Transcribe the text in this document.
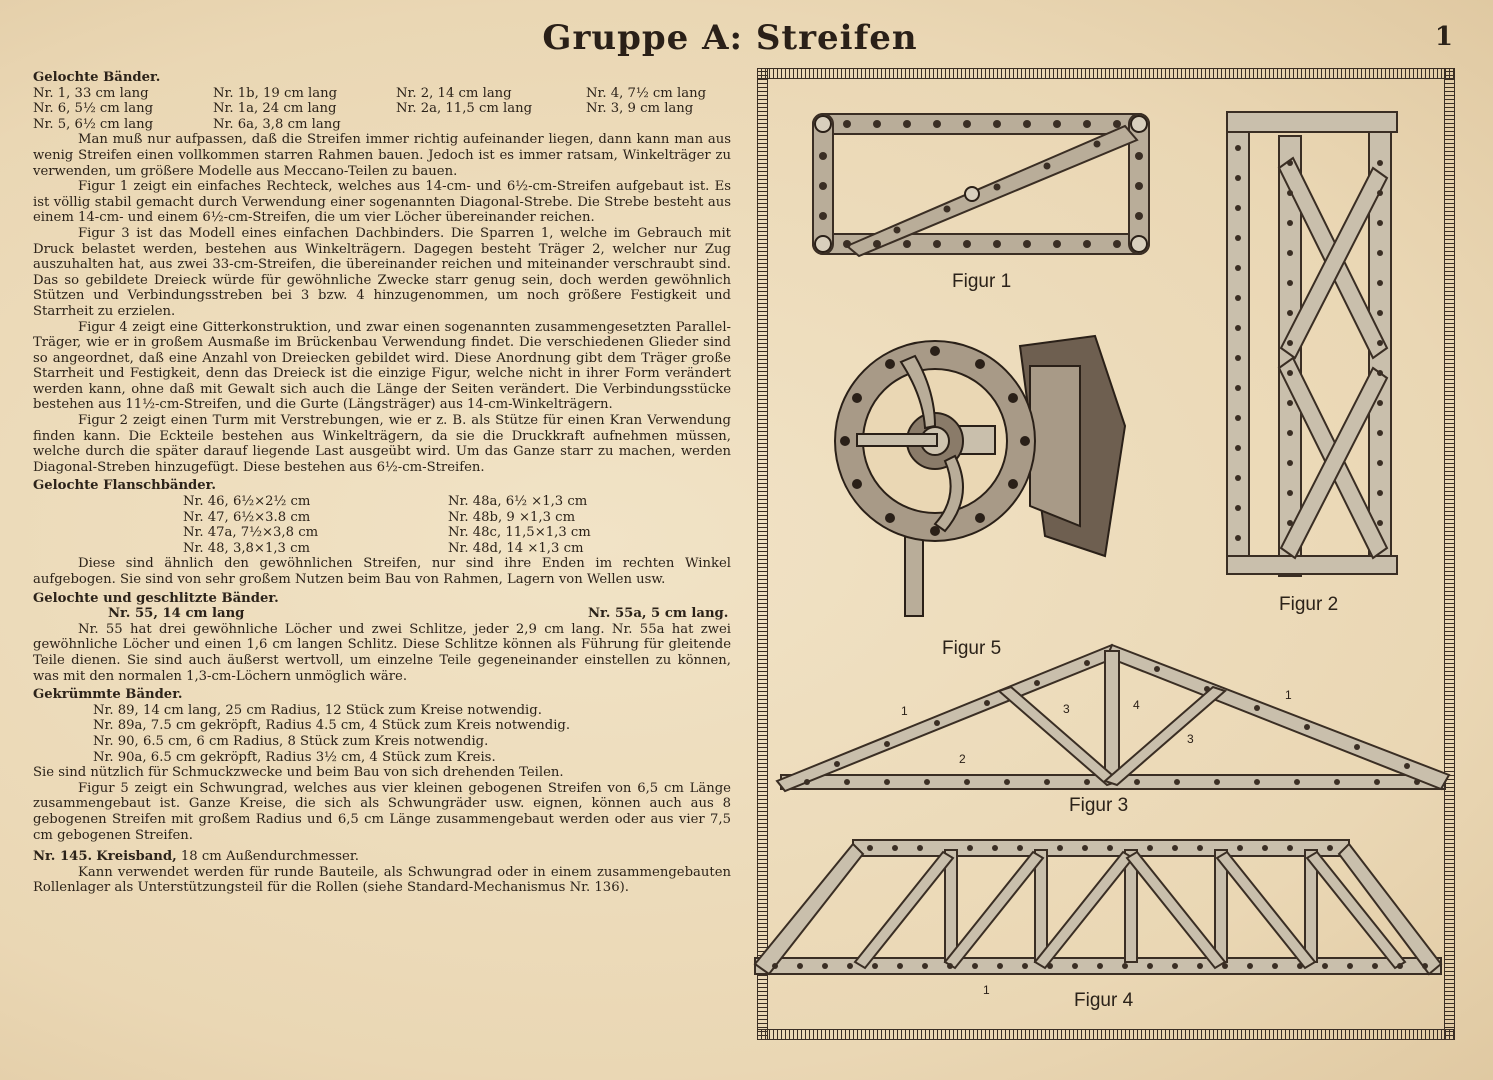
Gruppe A: Streifen	1
Gelochte Bänder.
Nr. 1, 33 cm lang	Nr. 1b, 19 cm lang	Nr. 2, 14 cm lang	Nr. 4, 7½ cm lang
Nr. 6, 5½ cm lang	Nr. 1a, 24 cm lang	Nr. 2a, 11,5 cm lang	Nr. 3, 9 cm lang
Nr. 5, 6½ cm lang	Nr. 6a, 3,8 cm lang

Man muß nur aufpassen, daß die Streifen immer richtig aufeinander liegen, dann kann man aus wenig Streifen einen vollkommen starren Rahmen bauen. Jedoch ist es immer ratsam, Winkelträger zu verwenden, um größere Modelle aus Meccano-Teilen zu bauen.

Figur 1 zeigt ein einfaches Rechteck, welches aus 14-cm- und 6½-cm-Streifen aufgebaut ist. Es ist völlig stabil gemacht durch Verwendung einer sogenannten Diagonal-Strebe. Die Strebe besteht aus einem 14-cm- und einem 6½-cm-Streifen, die um vier Löcher übereinander reichen.

Figur 3 ist das Modell eines einfachen Dachbinders. Die Sparren 1, welche im Gebrauch mit Druck belastet werden, bestehen aus Winkelträgern. Dagegen besteht Träger 2, welcher nur Zug auszuhalten hat, aus zwei 33-cm-Streifen, die übereinander reichen und miteinander verschraubt sind. Das so gebildete Dreieck würde für gewöhnliche Zwecke starr genug sein, doch werden gewöhnlich Stützen und Verbindungsstreben bei 3 bzw. 4 hinzugenommen, um noch größere Festigkeit und Starrheit zu erzielen.

Figur 4 zeigt eine Gitterkonstruktion, und zwar einen sogenannten zusammengesetzten Parallel-Träger, wie er in großem Ausmaße im Brückenbau Verwendung findet. Die verschiedenen Glieder sind so angeordnet, daß eine Anzahl von Dreiecken gebildet wird. Diese Anordnung gibt dem Träger große Starrheit und Festigkeit, denn das Dreieck ist die einzige Figur, welche nicht in ihrer Form verändert werden kann, ohne daß mit Gewalt sich auch die Länge der Seiten verändert. Die Verbindungsstücke bestehen aus 11½-cm-Streifen, und die Gurte (Längsträger) aus 14-cm-Winkelträgern.

Figur 2 zeigt einen Turm mit Verstrebungen, wie er z. B. als Stütze für einen Kran Verwendung finden kann. Die Eckteile bestehen aus Winkelträgern, da sie die Druckkraft aufnehmen müssen, welche durch die später darauf liegende Last ausgeübt wird. Um das Ganze starr zu machen, werden Diagonal-Streben hinzugefügt. Diese bestehen aus 6½-cm-Streifen.

Gelochte Flanschbänder.
Nr. 46, 6½×2½ cm	Nr. 48a, 6½ ×1,3 cm
Nr. 47, 6½×3.8 cm	Nr. 48b, 9 ×1,3 cm
Nr. 47a, 7½×3,8 cm	Nr. 48c, 11,5×1,3 cm
Nr. 48, 3,8×1,3 cm	Nr. 48d, 14 ×1,3 cm

Diese sind ähnlich den gewöhnlichen Streifen, nur sind ihre Enden im rechten Winkel aufgebogen. Sie sind von sehr großem Nutzen beim Bau von Rahmen, Lagern von Wellen usw.

Gelochte und geschlitzte Bänder.
Nr. 55, 14 cm lang	Nr. 55a, 5 cm lang.

Nr. 55 hat drei gewöhnliche Löcher und zwei Schlitze, jeder 2,9 cm lang. Nr. 55a hat zwei gewöhnliche Löcher und einen 1,6 cm langen Schlitz. Diese Schlitze können als Führung für gleitende Teile dienen. Sie sind auch äußerst wertvoll, um einzelne Teile gegeneinander einstellen zu können, was mit den normalen 1,3-cm-Löchern unmöglich wäre.

Gekrümmte Bänder.
Nr. 89, 14 cm lang, 25 cm Radius, 12 Stück zum Kreise notwendig.
Nr. 89a, 7.5 cm gekröpft, Radius 4.5 cm, 4 Stück zum Kreis notwendig.
Nr. 90, 6.5 cm, 6 cm Radius, 8 Stück zum Kreis notwendig.
Nr. 90a, 6.5 cm gekröpft, Radius 3½ cm, 4 Stück zum Kreis.
Sie sind nützlich für Schmuckzwecke und beim Bau von sich drehenden Teilen.

Figur 5 zeigt ein Schwungrad, welches aus vier kleinen gebogenen Streifen von 6,5 cm Länge zusammengebaut ist. Ganze Kreise, die sich als Schwungräder usw. eignen, können auch aus 8 gebogenen Streifen mit großem Radius und 6,5 cm Länge zusammengebaut werden oder aus vier 7,5 cm gebogenen Streifen.

Nr. 145. Kreisband, 18 cm Außendurchmesser.

Kann verwendet werden für runde Bauteile, als Schwungrad oder in einem zusammengebauten Rollenlager als Unterstützungsteil für die Rollen (siehe Standard-Mechanismus Nr. 136).

Figur 1
Figur 2
Figur 5
1
2
3	4
3
1
Figur 3
1	Figur 4
